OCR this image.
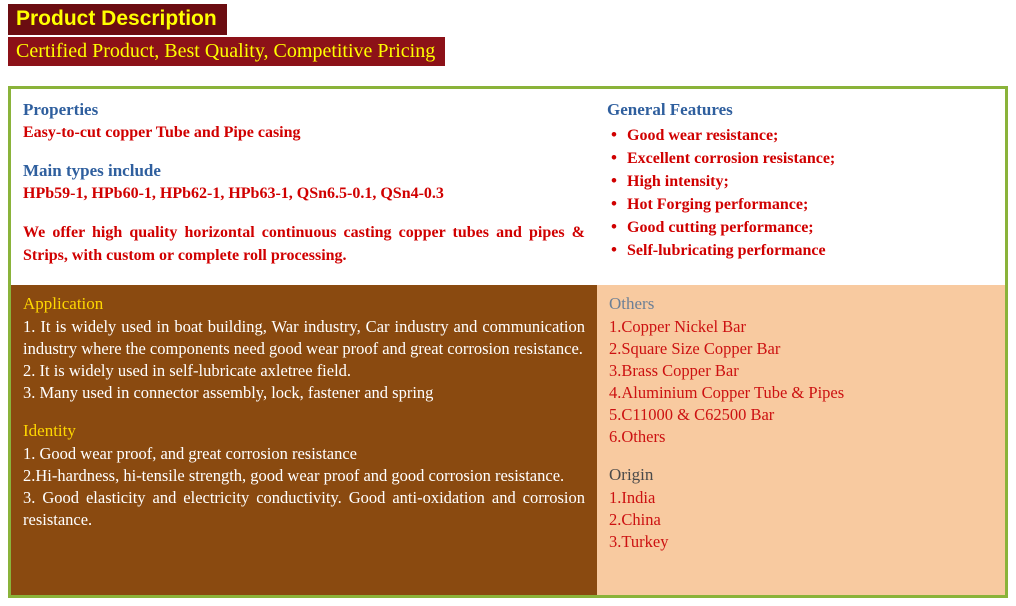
Product Description
Certified Product, Best Quality, Competitive Pricing
Properties
Easy-to-cut copper Tube and Pipe casing
Main types include
HPb59-1, HPb60-1, HPb62-1, HPb63-1, QSn6.5-0.1, QSn4-0.3
We offer high quality horizontal continuous casting copper tubes and pipes & Strips, with custom or complete roll processing.
General Features
• Good wear resistance;
• Excellent corrosion resistance;
• High intensity;
• Hot Forging performance;
• Good cutting performance;
• Self-lubricating performance
Application
1. It is widely used in boat building, War industry, Car industry and communication industry where the components need good wear proof and great corrosion resistance.
2. It is widely used in self-lubricate axletree field.
3. Many used in connector assembly, lock, fastener and spring
Identity
1. Good wear proof, and great corrosion resistance
2.Hi-hardness, hi-tensile strength, good wear proof and good corrosion resistance.
3. Good elasticity and electricity conductivity. Good anti-oxidation and corrosion resistance.
Others
1.Copper Nickel Bar
2.Square Size Copper Bar
3.Brass Copper Bar
4.Aluminium Copper Tube & Pipes
5.C11000 & C62500 Bar
6.Others
Origin
1.India
2.China
3.Turkey
